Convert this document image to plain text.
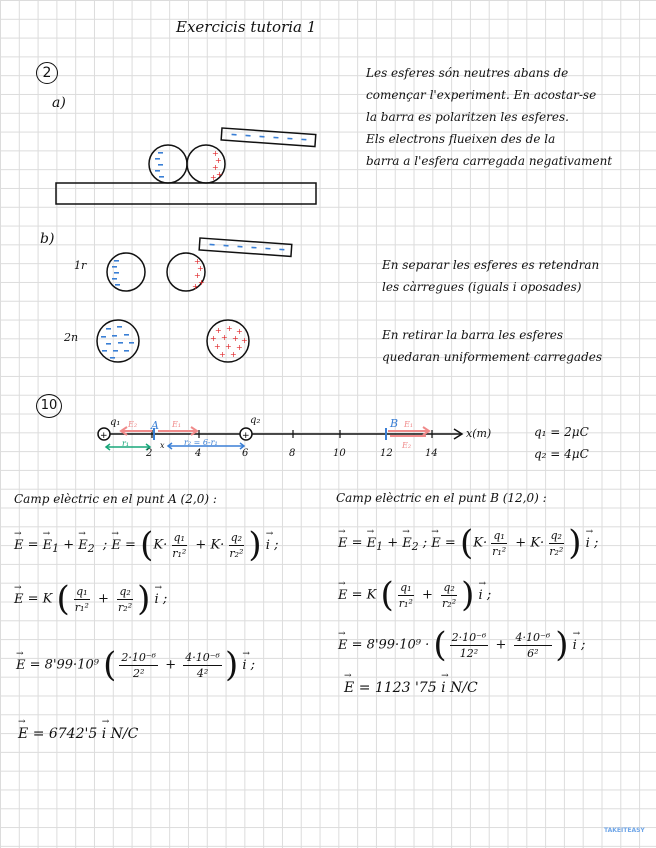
Exercicis tutoria 1
2
a)
Les esferes són neutres abans de
començar l'experiment. En acostar-se
la barra es polaritzen les esferes.
Els electrons flueixen des de la
barra a l'esfera carregada negativament
b)
1r
2n
En separar les esferes es retendran
les càrregues (iguals i oposades)
En retirar la barra les esferes
quedaran uniformement carregades
+
+
+
+
+
+
+
+
+
+
+ + +
+ + + +
+ + +
+ +
10
+	+
q₁	q₂
A	B
E₂	E₁	E₁
E₂
x(m)
x
r₁	r₂ = 6-r₁
2	4	6	8	10	12	14
q₁ = 2μC
q₂ = 4μC
Camp elèctric en el punt A (2,0) :
→ E = → $E_1$ + → $E_2$  ; → $E = (K\cdot \frac{\text{q₁}}{\text{r₁²}} + K\cdot \frac{\text{q₂}}{\text{r₂²}}$ ) → i ;
→ E = K ( $\frac{\text{q₁}}{\text{r₁²}} + \frac{\text{q₂}}{\text{r₂²}}$ ) → i ;
→ E = 8'99·10⁹ ( $\frac{\text{2·10⁻⁶}}{\text{2²}} + \frac{\text{4·10⁻⁶}}{\text{4²}}$ ) → i ;
→ E = 6742'5 → i N/C
Camp elèctric en el punt B (12,0) :
→ E = → $E_1$ + → $E_2$ ; → $E = (K\cdot \frac{\text{q₁}}{\text{r₁²}} + K\cdot \frac{\text{q₂}}{\text{r₂²}}$ ) → i ;
→ E = K ( $\frac{\text{q₁}}{\text{r₁²}} + \frac{\text{q₂}}{\text{r₂²}}$ ) → i ;
→ E = 8'99·10⁹ · ( $\frac{\text{2·10⁻⁶}}{\text{12²}} + \frac{\text{4·10⁻⁶}}{\text{6²}}$ ) → i ;
→ E = 1123 '75 → i N/C
TAKEITEASY
